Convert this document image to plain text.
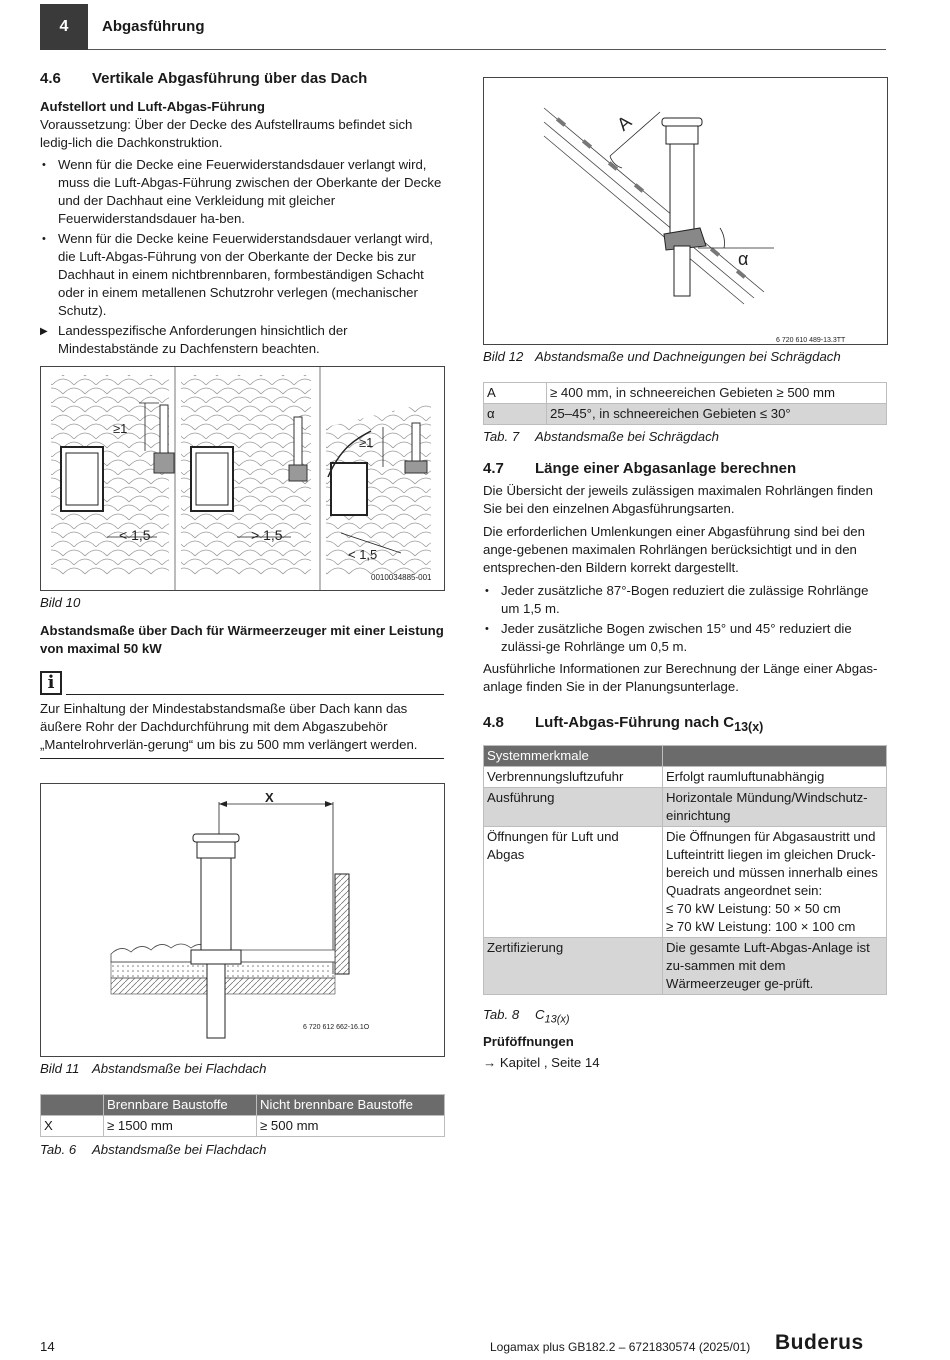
4 Abgasführung
4.6 Vertikale Abgasführung über das Dach

Aufstellort und Luft-Abgas-Führung

Voraussetzung: Über der Decke des Aufstellraums befindet sich ledig-lich die Dachkonstruktion.

• Wenn für die Decke eine Feuerwiderstandsdauer verlangt wird, muss die Luft-Abgas-Führung zwischen der Oberkante der Decke und der Dachhaut eine Verkleidung mit gleicher Feuerwiderstandsdauer ha-ben.
• Wenn für die Decke keine Feuerwiderstandsdauer verlangt wird, die Luft-Abgas-Führung von der Oberkante der Decke bis zur Dachhaut in einem nichtbrennbaren, formbeständigen Schacht oder in einem metallenen Schutzrohr verlegen (mechanischer Schutz).

▶ Landesspezifische Anforderungen hinsichtlich der Mindestabstände zu Dachfenstern beachten.

≥1
< 1,5	> 1,5
≥1
< 1,5
0010034885-001
Bild 10
Abstandsmaße über Dach für Wärmeerzeuger mit einer Leistung von maximal 50 kW
i
Zur Einhaltung der Mindestabstandsmaße über Dach kann das äußere Rohr der Dachdurchführung mit dem Abgaszubehör „Mantelrohrverlän-gerung“ um bis zu 500 mm verlängert werden.
X
6 720 612 662-16.1O
Bild 11 Abstandsmaße bei Flachdach
	Brennbare Baustoffe	Nicht brennbare Baustoffe
X	≥ 1500 mm	≥ 500 mm
Tab. 6 Abstandsmaße bei Flachdach
A
α
6 720 610 489-13.3TT
Bild 12 Abstandsmaße und Dachneigungen bei Schrägdach
A	≥ 400 mm, in schneereichen Gebieten ≥ 500 mm
α	25–45°, in schneereichen Gebieten ≤ 30°
Tab. 7 Abstandsmaße bei Schrägdach
4.7 Länge einer Abgasanlage berechnen

Die Übersicht der jeweils zulässigen maximalen Rohrlängen finden Sie bei den einzelnen Abgasführungsarten.

Die erforderlichen Umlenkungen einer Abgasführung sind bei den ange-gebenen maximalen Rohrlängen berücksichtigt und in den entsprechen-den Bildern korrekt dargestellt.

• Jeder zusätzliche 87°-Bogen reduziert die zulässige Rohrlänge um 1,5 m.
• Jeder zusätzliche Bogen zwischen 15° und 45° reduziert die zulässi-ge Rohrlänge um 0,5 m.

Ausführliche Informationen zur Berechnung der Länge einer Abgas-anlage finden Sie in der Planungsunterlage.

4.8 Luft-Abgas-Führung nach $C_{13(x)}$
Systemmerkmale	
Verbrennungsluftzufuhr	Erfolgt raumluftunabhängig
Ausführung	Horizontale Mündung/Windschutz-einrichtung
Öffnungen für Luft und Abgas	Die Öffnungen für Abgasaustritt und Lufteintritt liegen im gleichen Druck-bereich und müssen innerhalb eines Quadrats angeordnet sein:
≤ 70 kW Leistung: 50 × 50 cm
≥ 70 kW Leistung: 100 × 100 cm

Zertifizierung	Die gesamte Luft-Abgas-Anlage ist zu-sammen mit dem Wärmeerzeuger ge-prüft.
Tab. 8 $C_{13(x)}$
Prüföffnungen
→ Kapitel , Seite 14
14	Logamax plus GB182.2 – 6721830574 (2025/01) Buderus
